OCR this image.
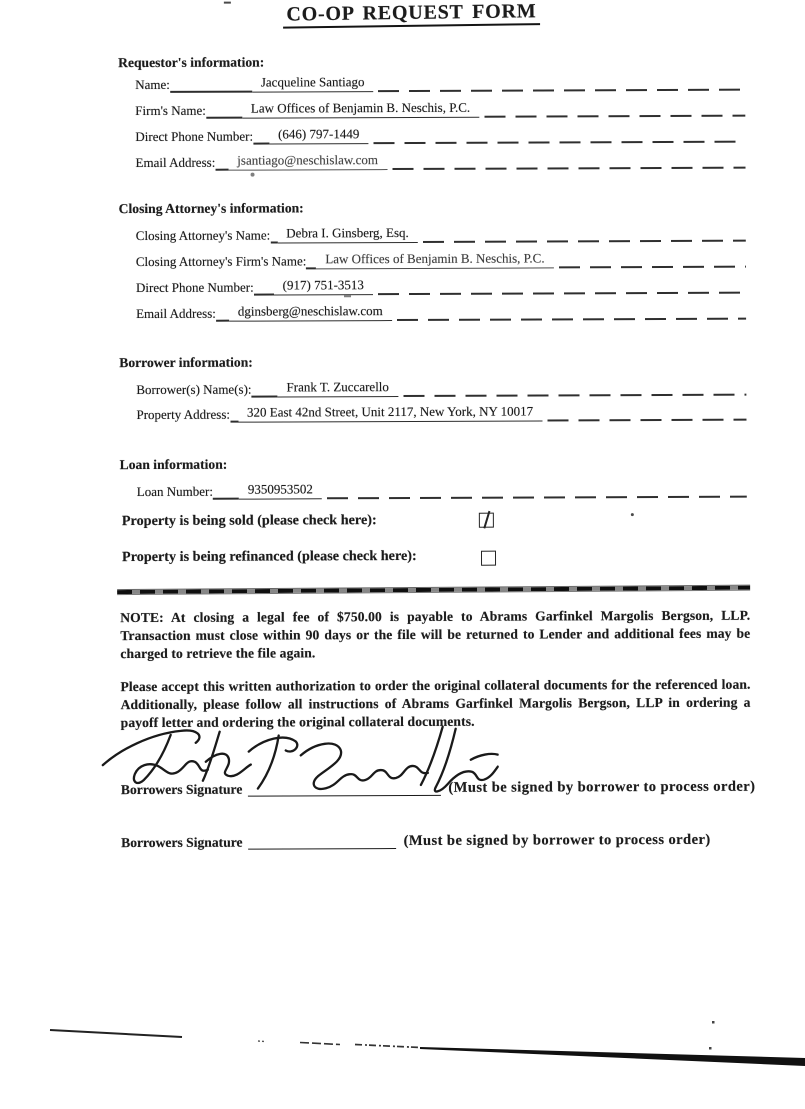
CO-OP REQUEST FORM
Requestor's information:
Name:	Jacqueline Santiago
Firm's Name:	Law Offices of Benjamin B. Neschis, P.C.
Direct Phone Number:	(646) 797-1449
Email Address:	jsantiago@neschislaw.com
Closing Attorney's information:
Closing Attorney's Name:	Debra I. Ginsberg, Esq.
Closing Attorney's Firm's Name:	Law Offices of Benjamin B. Neschis, P.C.
Direct Phone Number:	(917) 751-3513
Email Address:	dginsberg@neschislaw.com
Borrower information:
Borrower(s) Name(s):	Frank T. Zuccarello
Property Address:	320 East 42nd Street, Unit 2117, New York, NY 10017
Loan information:
Loan Number:	9350953502
Property is being sold (please check here):
Property is being refinanced (please check here):
NOTE: At closing a legal fee of $750.00 is payable to Abrams Garfinkel Margolis Bergson, LLP. Transaction must close within 90 days or the file will be returned to Lender and additional fees may be charged to retrieve the file again.
Please accept this written authorization to order the original collateral documents for the referenced loan. Additionally, please follow all instructions of Abrams Garfinkel Margolis Bergson, LLP in ordering a payoff letter and ordering the original collateral documents.
Borrowers Signature	(Must be signed by borrower to process order)
Borrowers Signature	(Must be signed by borrower to process order)
